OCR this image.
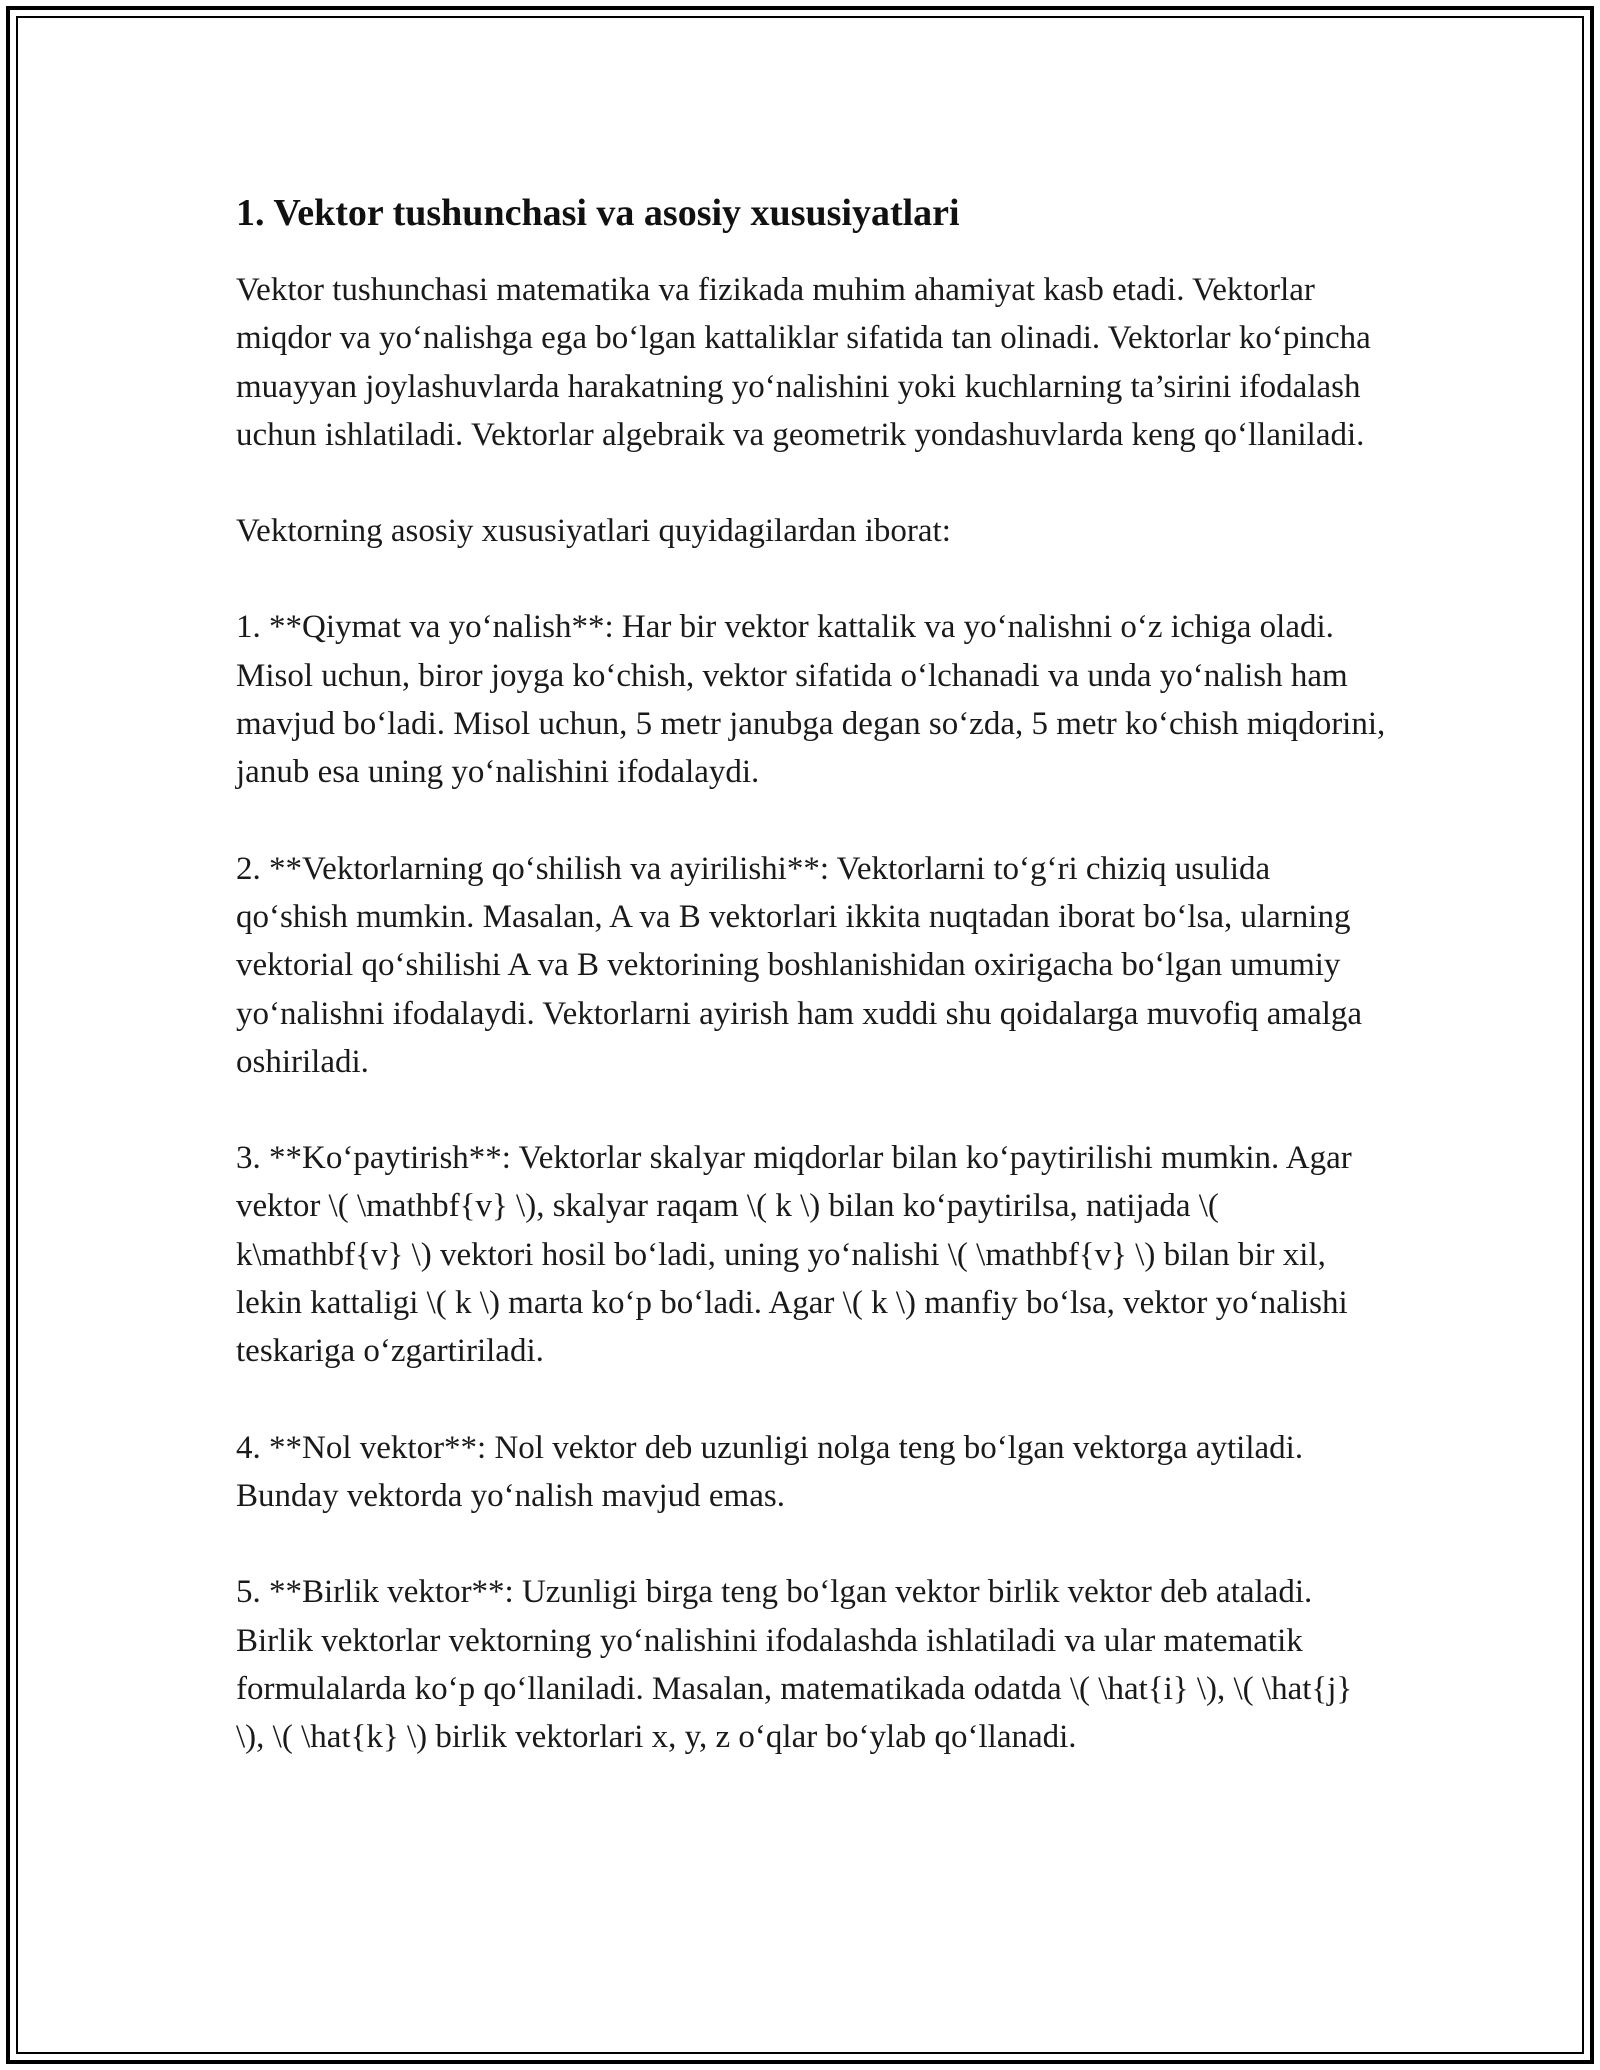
1. Vektor tushunchasi va asosiy xususiyatlari

Vektor tushunchasi matematika va fizikada muhim ahamiyat kasb etadi. Vektorlar miqdor va yo‘nalishga ega bo‘lgan kattaliklar sifatida tan olinadi. Vektorlar ko‘pincha muayyan joylashuvlarda harakatning yo‘nalishini yoki kuchlarning ta’sirini ifodalash uchun ishlatiladi. Vektorlar algebraik va geometrik yondashuvlarda keng qo‘llaniladi.

Vektorning asosiy xususiyatlari quyidagilardan iborat:

1. **Qiymat va yo‘nalish**: Har bir vektor kattalik va yo‘nalishni o‘z ichiga oladi. Misol uchun, biror joyga ko‘chish, vektor sifatida o‘lchanadi va unda yo‘nalish ham mavjud bo‘ladi. Misol uchun, 5 metr janubga degan so‘zda, 5 metr ko‘chish miqdorini, janub esa uning yo‘nalishini ifodalaydi.

2. **Vektorlarning qo‘shilish va ayirilishi**: Vektorlarni to‘g‘ri chiziq usulida qo‘shish mumkin. Masalan, A va B vektorlari ikkita nuqtadan iborat bo‘lsa, ularning vektorial qo‘shilishi A va B vektorining boshlanishidan oxirigacha bo‘lgan umumiy yo‘nalishni ifodalaydi. Vektorlarni ayirish ham xuddi shu qoidalarga muvofiq amalga oshiriladi.

3. **Ko‘paytirish**: Vektorlar skalyar miqdorlar bilan ko‘paytirilishi mumkin. Agar vektor \( \mathbf{v} \), skalyar raqam \( k \) bilan ko‘paytirilsa, natijada \( k\mathbf{v} \) vektori hosil bo‘ladi, uning yo‘nalishi \( \mathbf{v} \) bilan bir xil, lekin kattaligi \( k \) marta ko‘p bo‘ladi. Agar \( k \) manfiy bo‘lsa, vektor yo‘nalishi teskariga o‘zgartiriladi.

4. **Nol vektor**: Nol vektor deb uzunligi nolga teng bo‘lgan vektorga aytiladi. Bunday vektorda yo‘nalish mavjud emas.

5. **Birlik vektor**: Uzunligi birga teng bo‘lgan vektor birlik vektor deb ataladi. Birlik vektorlar vektorning yo‘nalishini ifodalashda ishlatiladi va ular matematik formulalarda ko‘p qo‘llaniladi. Masalan, matematikada odatda \( \hat{i} \), \( \hat{j} \), \( \hat{k} \) birlik vektorlari x, y, z o‘qlar bo‘ylab qo‘llanadi.
